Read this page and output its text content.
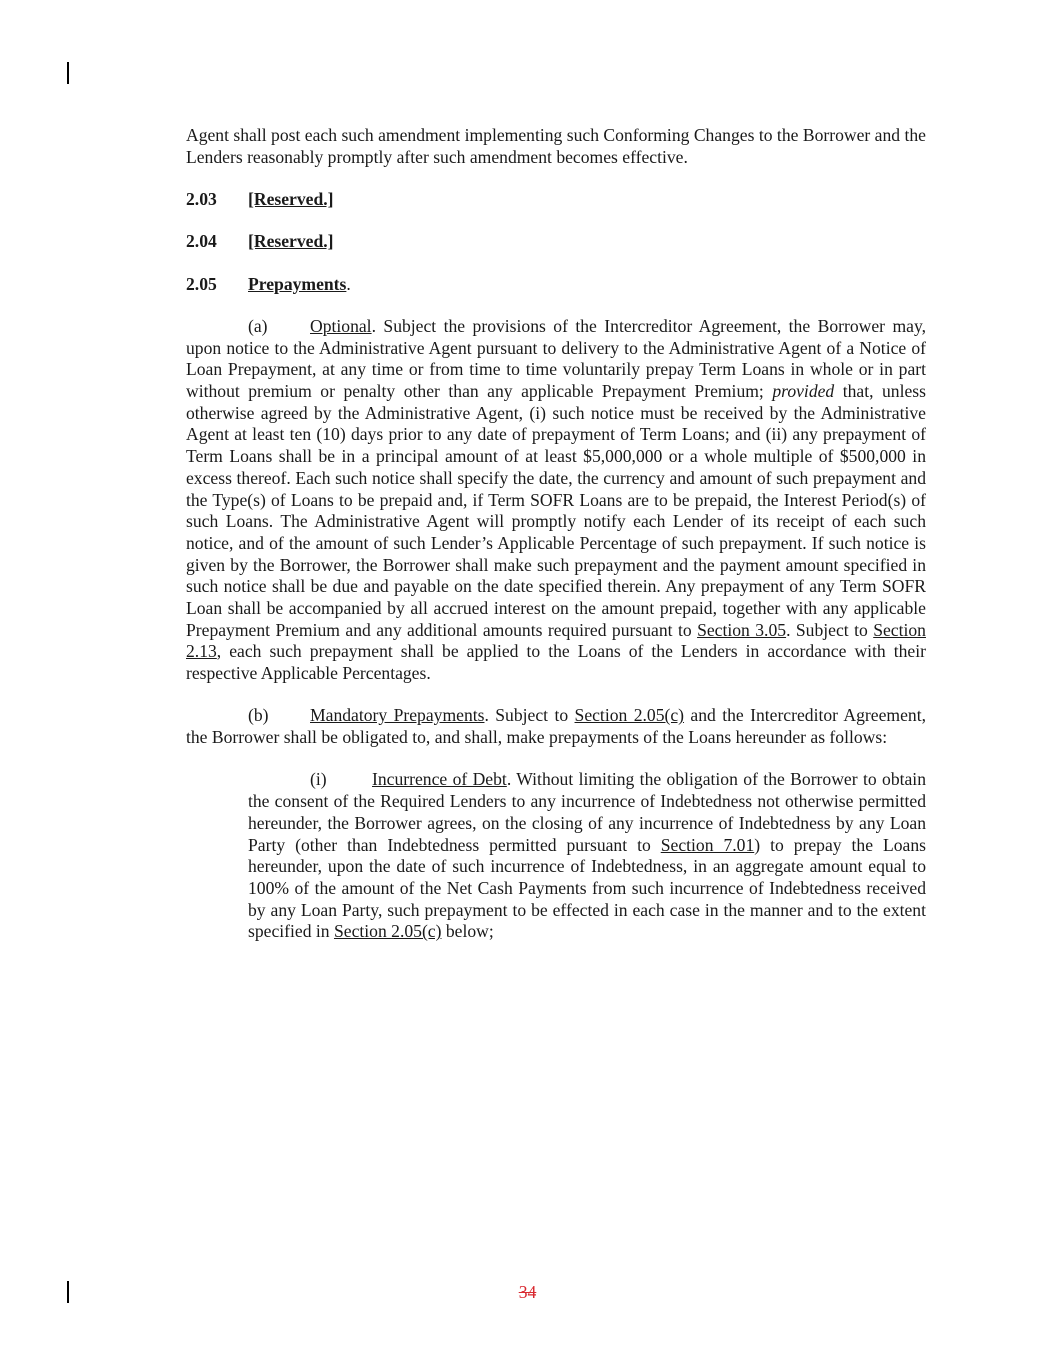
Agent shall post each such amendment implementing such Conforming Changes to the Borrower and the Lenders reasonably promptly after such amendment becomes effective.

2.03 [Reserved.]
2.04 [Reserved.]
2.05 Prepayments.

(a) Optional. Subject the provisions of the Intercreditor Agreement, the Borrower may, upon notice to the Administrative Agent pursuant to delivery to the Administrative Agent of a Notice of Loan Prepayment, at any time or from time to time voluntarily prepay Term Loans in whole or in part without premium or penalty other than any applicable Prepayment Premium; provided that, unless otherwise agreed by the Administrative Agent, (i) such notice must be received by the Administrative Agent at least ten (10) days prior to any date of prepayment of Term Loans; and (ii) any prepayment of Term Loans shall be in a principal amount of at least $5,000,000 or a whole multiple of $500,000 in excess thereof. Each such notice shall specify the date, the currency and amount of such prepayment and the Type(s) of Loans to be prepaid and, if Term SOFR Loans are to be prepaid, the Interest Period(s) of such Loans. The Administrative Agent will promptly notify each Lender of its receipt of each such notice, and of the amount of such Lender’s Applicable Percentage of such prepayment. If such notice is given by the Borrower, the Borrower shall make such prepayment and the payment amount specified in such notice shall be due and payable on the date specified therein. Any prepayment of any Term SOFR Loan shall be accompanied by all accrued interest on the amount prepaid, together with any applicable Prepayment Premium and any additional amounts required pursuant to Section 3.05. Subject to Section 2.13, each such prepayment shall be applied to the Loans of the Lenders in accordance with their respective Applicable Percentages.

(b) Mandatory Prepayments. Subject to Section 2.05(c) and the Intercreditor Agreement, the Borrower shall be obligated to, and shall, make prepayments of the Loans hereunder as follows:

(i)	Incurrence of Debt. Without limiting the obligation of the Borrower to obtain the consent of the Required Lenders to any incurrence of Indebtedness not otherwise permitted hereunder, the Borrower agrees, on the closing of any incurrence of Indebtedness by any Loan Party (other than Indebtedness permitted pursuant to Section 7.01) to prepay the Loans hereunder, upon the date of such incurrence of Indebtedness, in an aggregate amount equal to 100% of the amount of the Net Cash Payments from such incurrence of Indebtedness received by any Loan Party, such prepayment to be effected in each case in the manner and to the extent specified in Section 2.05(c) below;

34
